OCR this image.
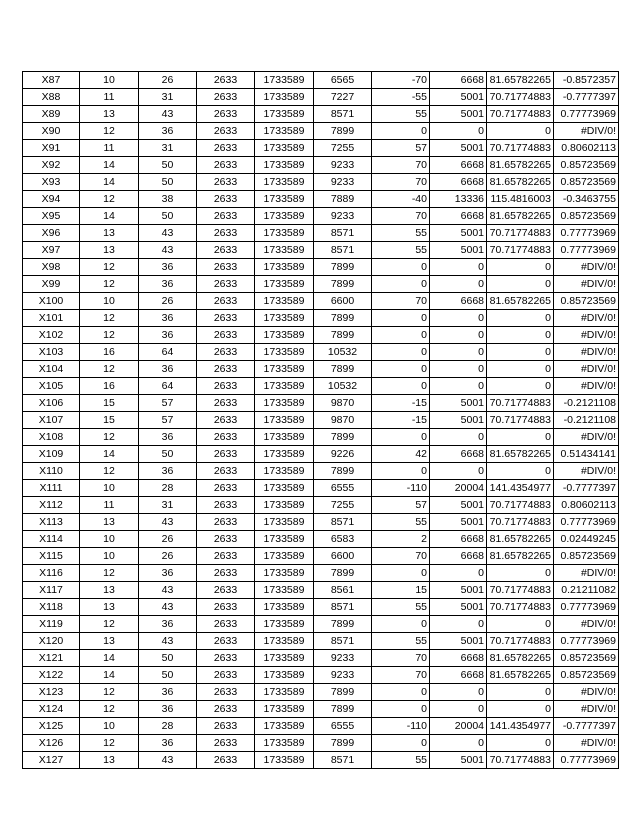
X87	10	26	2633	1733589	6565	-70	6668	81.65782265	-0.8572357
X88	11	31	2633	1733589	7227	-55	5001	70.71774883	-0.7777397
X89	13	43	2633	1733589	8571	55	5001	70.71774883	0.77773969
X90	12	36	2633	1733589	7899	0	0	0	#DIV/0!
X91	11	31	2633	1733589	7255	57	5001	70.71774883	0.80602113
X92	14	50	2633	1733589	9233	70	6668	81.65782265	0.85723569
X93	14	50	2633	1733589	9233	70	6668	81.65782265	0.85723569
X94	12	38	2633	1733589	7889	-40	13336	115.4816003	-0.3463755
X95	14	50	2633	1733589	9233	70	6668	81.65782265	0.85723569
X96	13	43	2633	1733589	8571	55	5001	70.71774883	0.77773969
X97	13	43	2633	1733589	8571	55	5001	70.71774883	0.77773969
X98	12	36	2633	1733589	7899	0	0	0	#DIV/0!
X99	12	36	2633	1733589	7899	0	0	0	#DIV/0!
X100	10	26	2633	1733589	6600	70	6668	81.65782265	0.85723569
X101	12	36	2633	1733589	7899	0	0	0	#DIV/0!
X102	12	36	2633	1733589	7899	0	0	0	#DIV/0!
X103	16	64	2633	1733589	10532	0	0	0	#DIV/0!
X104	12	36	2633	1733589	7899	0	0	0	#DIV/0!
X105	16	64	2633	1733589	10532	0	0	0	#DIV/0!
X106	15	57	2633	1733589	9870	-15	5001	70.71774883	-0.2121108
X107	15	57	2633	1733589	9870	-15	5001	70.71774883	-0.2121108
X108	12	36	2633	1733589	7899	0	0	0	#DIV/0!
X109	14	50	2633	1733589	9226	42	6668	81.65782265	0.51434141
X110	12	36	2633	1733589	7899	0	0	0	#DIV/0!
X111	10	28	2633	1733589	6555	-110	20004	141.4354977	-0.7777397
X112	11	31	2633	1733589	7255	57	5001	70.71774883	0.80602113
X113	13	43	2633	1733589	8571	55	5001	70.71774883	0.77773969
X114	10	26	2633	1733589	6583	2	6668	81.65782265	0.02449245
X115	10	26	2633	1733589	6600	70	6668	81.65782265	0.85723569
X116	12	36	2633	1733589	7899	0	0	0	#DIV/0!
X117	13	43	2633	1733589	8561	15	5001	70.71774883	0.21211082
X118	13	43	2633	1733589	8571	55	5001	70.71774883	0.77773969
X119	12	36	2633	1733589	7899	0	0	0	#DIV/0!
X120	13	43	2633	1733589	8571	55	5001	70.71774883	0.77773969
X121	14	50	2633	1733589	9233	70	6668	81.65782265	0.85723569
X122	14	50	2633	1733589	9233	70	6668	81.65782265	0.85723569
X123	12	36	2633	1733589	7899	0	0	0	#DIV/0!
X124	12	36	2633	1733589	7899	0	0	0	#DIV/0!
X125	10	28	2633	1733589	6555	-110	20004	141.4354977	-0.7777397
X126	12	36	2633	1733589	7899	0	0	0	#DIV/0!
X127	13	43	2633	1733589	8571	55	5001	70.71774883	0.77773969
